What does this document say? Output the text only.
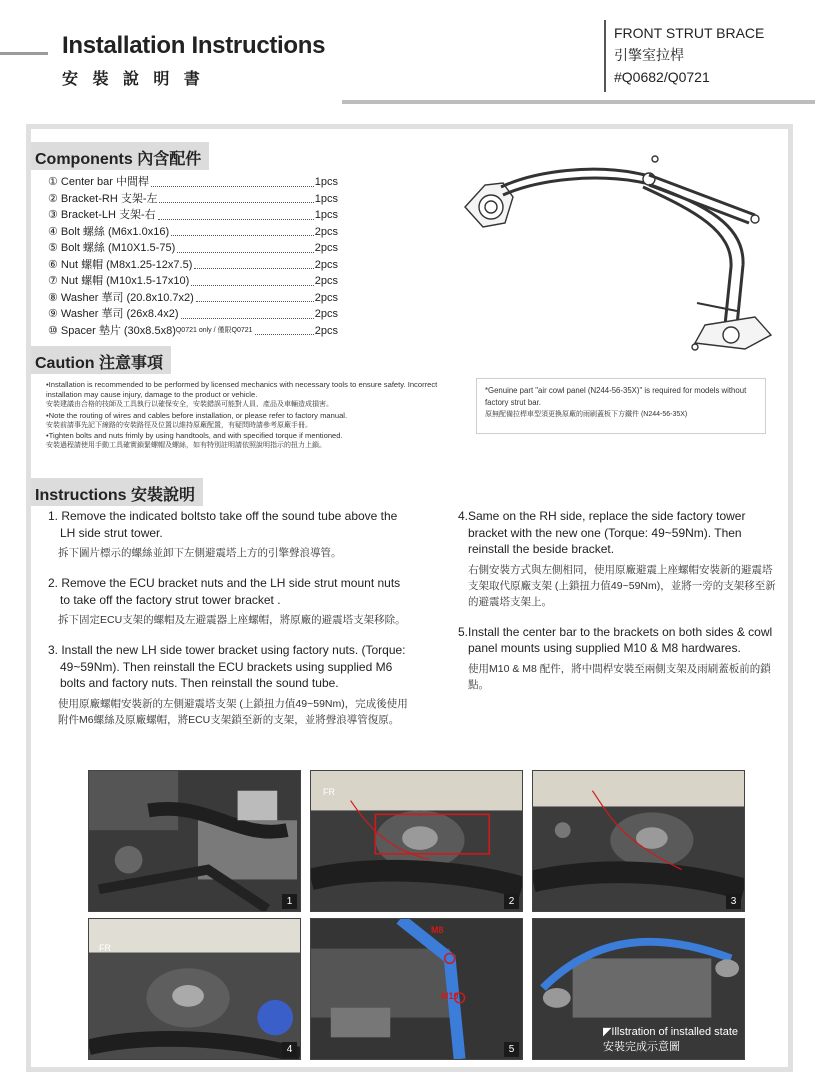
Installation Instructions
安 裝 說 明 書
FRONT STRUT BRACE
引擎室拉桿
#Q0682/Q0721
Components 內含配件
① Center bar 中間桿	1pcs
② Bracket-RH 支架-左	1pcs
③ Bracket-LH 支架-右	1pcs
④ Bolt 螺絲 (M6x1.0x16)	2pcs
⑤ Bolt 螺絲 (M10X1.5-75)	2pcs
⑥ Nut 螺帽 (M8x1.25-12x7.5)	2pcs
⑦ Nut 螺帽 (M10x1.5-17x10)	2pcs
⑧ Washer 華司 (20.8x10.7x2)	2pcs
⑨ Washer 華司 (26x8.4x2)	2pcs
⑩ Spacer 墊片 (30x8.5x8) Q0721 only / 僅限Q0721	2pcs
Caution 注意事項
•Installation is recommended to be performed by licensed mechanics with necessary tools to ensure safety. Incorrect installation may cause injury, damage to the product or vehicle.
安裝建議由合格的技師及工具執行以確保安全，安裝錯誤可能對人員、產品及車輛造成損害。
•Note the routing of wires and cables before installation, or please refer to factory manual.
安裝前請事先記下線路的安裝路徑及位置以維持原廠配置，有疑問時請參考原廠手冊。
•Tighten bolts and nuts frimly by using handtools, and with specified torque if mentioned.
安裝過程請使用手動工具確實鎖緊螺帽及螺絲，如有特別註明請依照說明指示的扭力上鎖。
*Genuine part "air cowl panel (N244-56-35X)" is required for models without factory strut bar.
原無配備拉桿車型須更換原廠的雨刷蓋板下方鐵件 (N244-56-35X)
Instructions 安裝說明
1. Remove the indicated boltsto take off the sound tube above the LH side strut tower.
拆下圖片標示的螺絲並卸下左側避震塔上方的引擎聲浪導管。
2. Remove the ECU bracket nuts and the LH side strut mount nuts to take off the factory strut tower bracket .
拆下固定ECU支架的螺帽及左避震器上座螺帽，將原廠的避震塔支架移除。
3. Install the new LH side tower bracket using factory nuts. (Torque: 49~59Nm). Then reinstall the ECU brackets using supplied M6 bolts and factory nuts. Then reinstall the sound tube.
使用原廠螺帽安裝新的左側避震塔支架 (上鎖扭力值49~59Nm)，完成後使用附件M6螺絲及原廠螺帽，將ECU支架鎖至新的支架，並將聲浪導管復原。
4.Same on the RH side, replace the side factory tower bracket with the new one (Torque: 49~59Nm). Then reinstall the beside bracket.
右側安裝方式與左側相同，使用原廠避震上座螺帽安裝新的避震塔支架取代原廠支架 (上鎖扭力值49~59Nm)，並將一旁的支架移至新的避震塔支架上。
5.Install the center bar to the brackets on both sides & cowl panel mounts using supplied M10 & M8 hardwares.
使用M10 & M8 配件，將中間桿安裝至兩側支架及雨刷蓋板前的鎖點。
1
FR
2	3
FR
4
M8
M10
5
◤Illstration of installed state
安裝完成示意圖
